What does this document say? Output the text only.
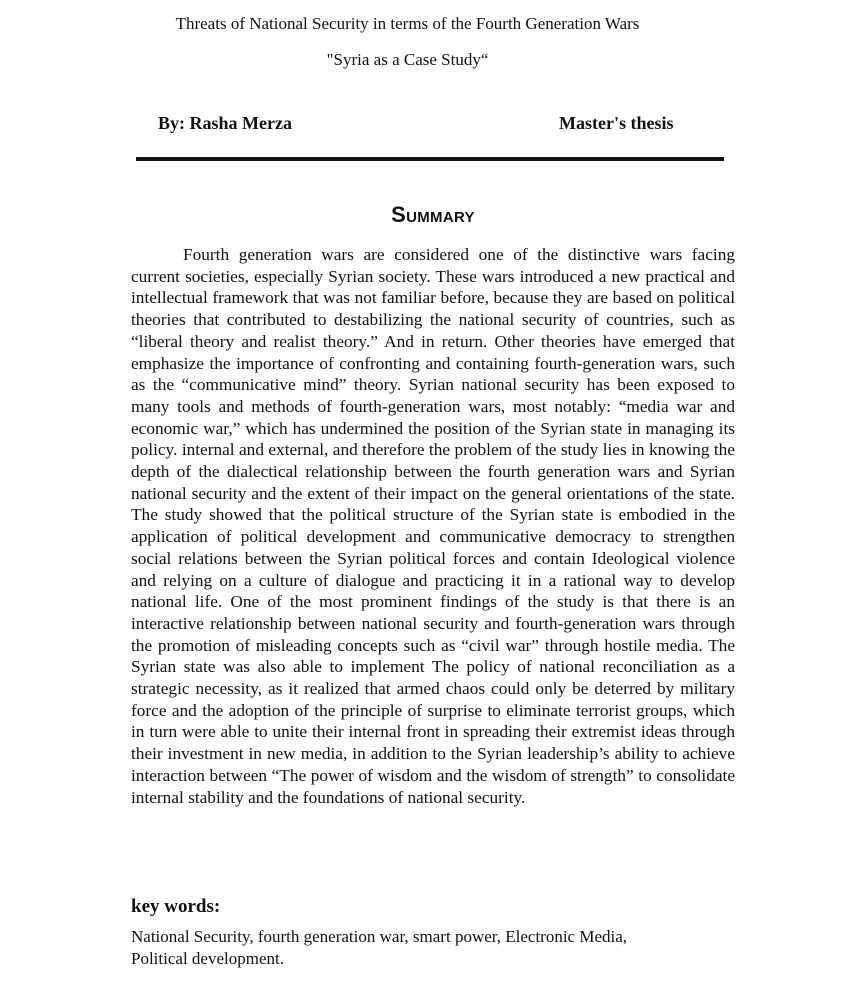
Threats of National Security in terms of the Fourth Generation Wars
"Syria as a Case Study“
By: Rasha Merza	Master's thesis
Summary

Fourth generation wars are considered one of the distinctive wars facing current societies, especially Syrian society. These wars introduced a new practical and intellectual framework that was not familiar before, because they are based on political theories that contributed to destabilizing the national security of countries, such as “liberal theory and realist theory.” And in return. Other theories have emerged that emphasize the importance of confronting and containing fourth-generation wars, such as the “communicative mind” theory. Syrian national security has been exposed to many tools and methods of fourth-generation wars, most notably: “media war and economic war,” which has undermined the position of the Syrian state in managing its policy. internal and external, and therefore the problem of the study lies in knowing the depth of the dialectical relationship between the fourth generation wars and Syrian national security and the extent of their impact on the general orientations of the state. The study showed that the political structure of the Syrian state is embodied in the application of political development and communicative democracy to strengthen social relations between the Syrian political forces and contain Ideological violence and relying on a culture of dialogue and practicing it in a rational way to develop national life. One of the most prominent findings of the study is that there is an interactive relationship between national security and fourth-generation wars through the promotion of misleading concepts such as “civil war” through hostile media. The Syrian state was also able to implement The policy of national reconciliation as a strategic necessity, as it realized that armed chaos could only be deterred by military force and the adoption of the principle of surprise to eliminate terrorist groups, which in turn were able to unite their internal front in spreading their extremist ideas through their investment in new media, in addition to the Syrian leadership’s ability to achieve interaction between “The power of wisdom and the wisdom of strength” to consolidate internal stability and the foundations of national security.

key words:

National Security, fourth generation war, smart power, Electronic Media, Political development.
